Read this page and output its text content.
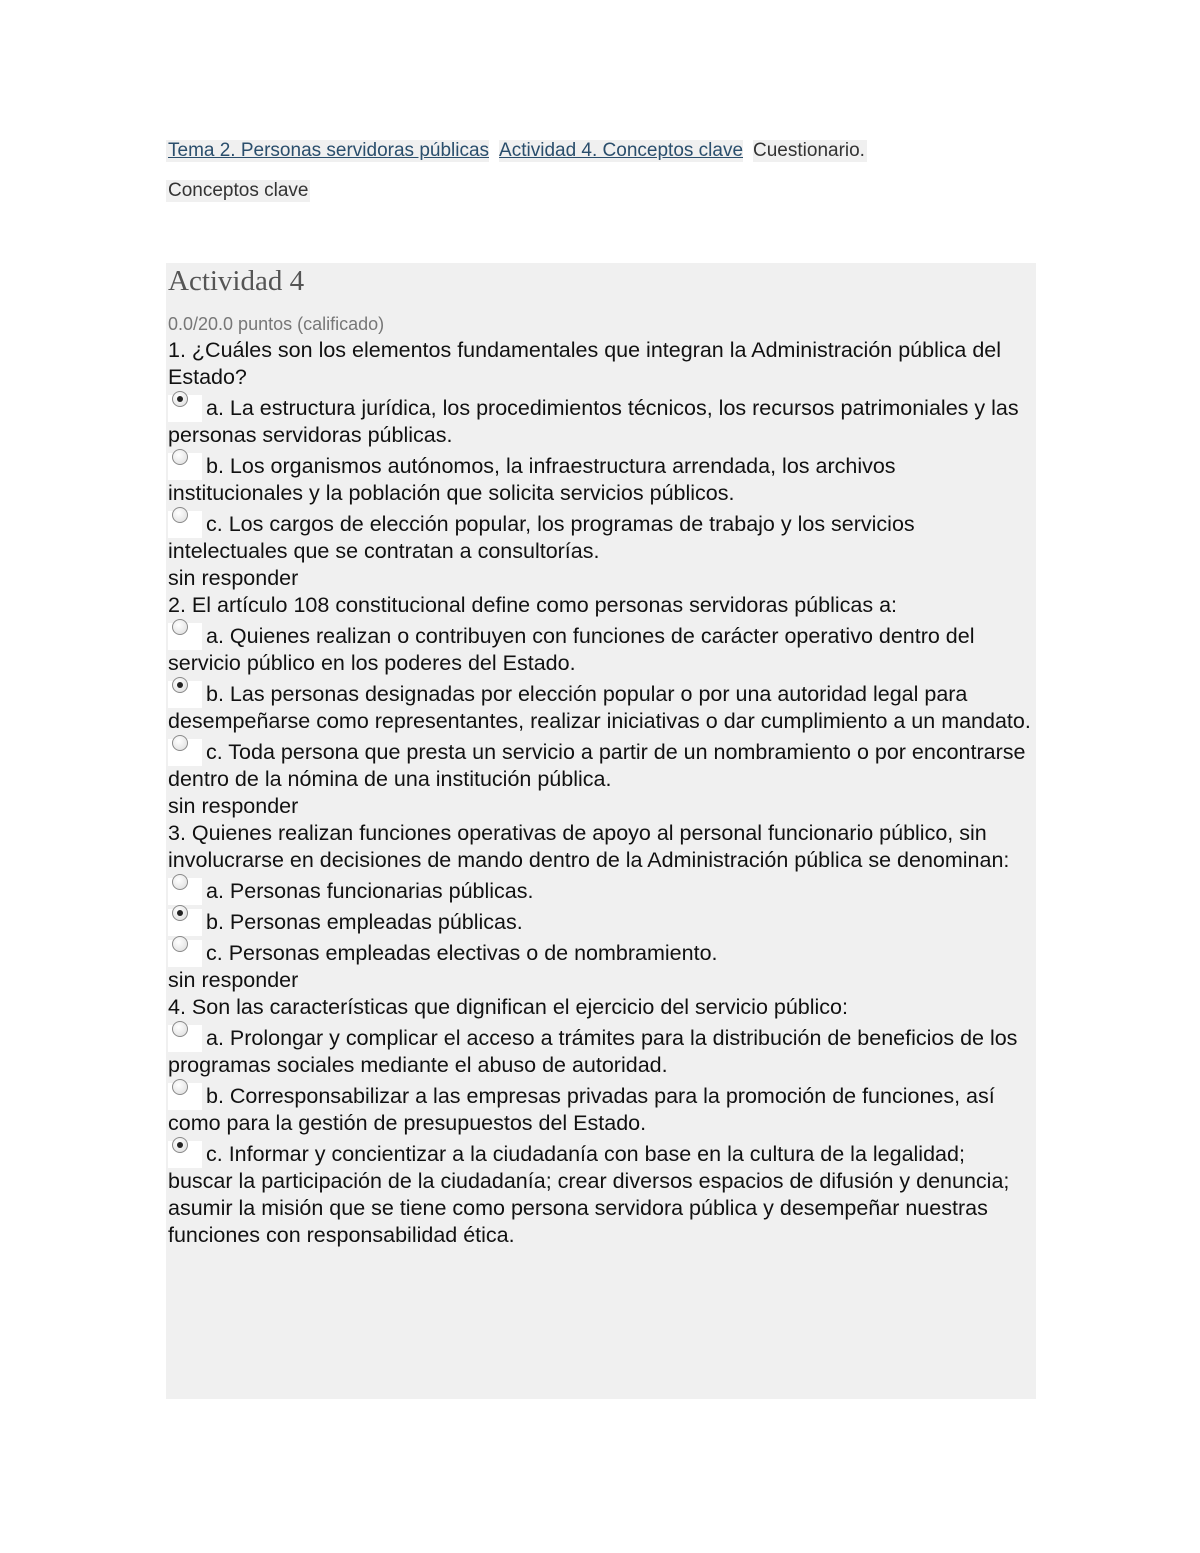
Tema 2. Personas servidoras públicas Actividad 4. Conceptos clave Cuestionario.
Conceptos clave
Actividad 4
0.0/20.0 puntos (calificado)

1. ¿Cuáles son los elementos fundamentales que integran la Administración pública del Estado?

a. La estructura jurídica, los procedimientos técnicos, los recursos patrimoniales y las personas servidoras públicas.
b. Los organismos autónomos, la infraestructura arrendada, los archivos institucionales y la población que solicita servicios públicos.
c. Los cargos de elección popular, los programas de trabajo y los servicios intelectuales que se contratan a consultorías.

sin responder

2. El artículo 108 constitucional define como personas servidoras públicas a:

a. Quienes realizan o contribuyen con funciones de carácter operativo dentro del servicio público en los poderes del Estado.
b. Las personas designadas por elección popular o por una autoridad legal para desempeñarse como representantes, realizar iniciativas o dar cumplimiento a un mandato.
c. Toda persona que presta un servicio a partir de un nombramiento o por encontrarse dentro de la nómina de una institución pública.

sin responder

3. Quienes realizan funciones operativas de apoyo al personal funcionario público, sin involucrarse en decisiones de mando dentro de la Administración pública se denominan:

a. Personas funcionarias públicas.
b. Personas empleadas públicas.
c. Personas empleadas electivas o de nombramiento.

sin responder

4. Son las características que dignifican el ejercicio del servicio público:

a. Prolongar y complicar el acceso a trámites para la distribución de beneficios de los programas sociales mediante el abuso de autoridad.
b. Corresponsabilizar a las empresas privadas para la promoción de funciones, así como para la gestión de presupuestos del Estado.
c. Informar y concientizar a la ciudadanía con base en la cultura de la legalidad; buscar la participación de la ciudadanía; crear diversos espacios de difusión y denuncia; asumir la misión que se tiene como persona servidora pública y desempeñar nuestras funciones con responsabilidad ética.
